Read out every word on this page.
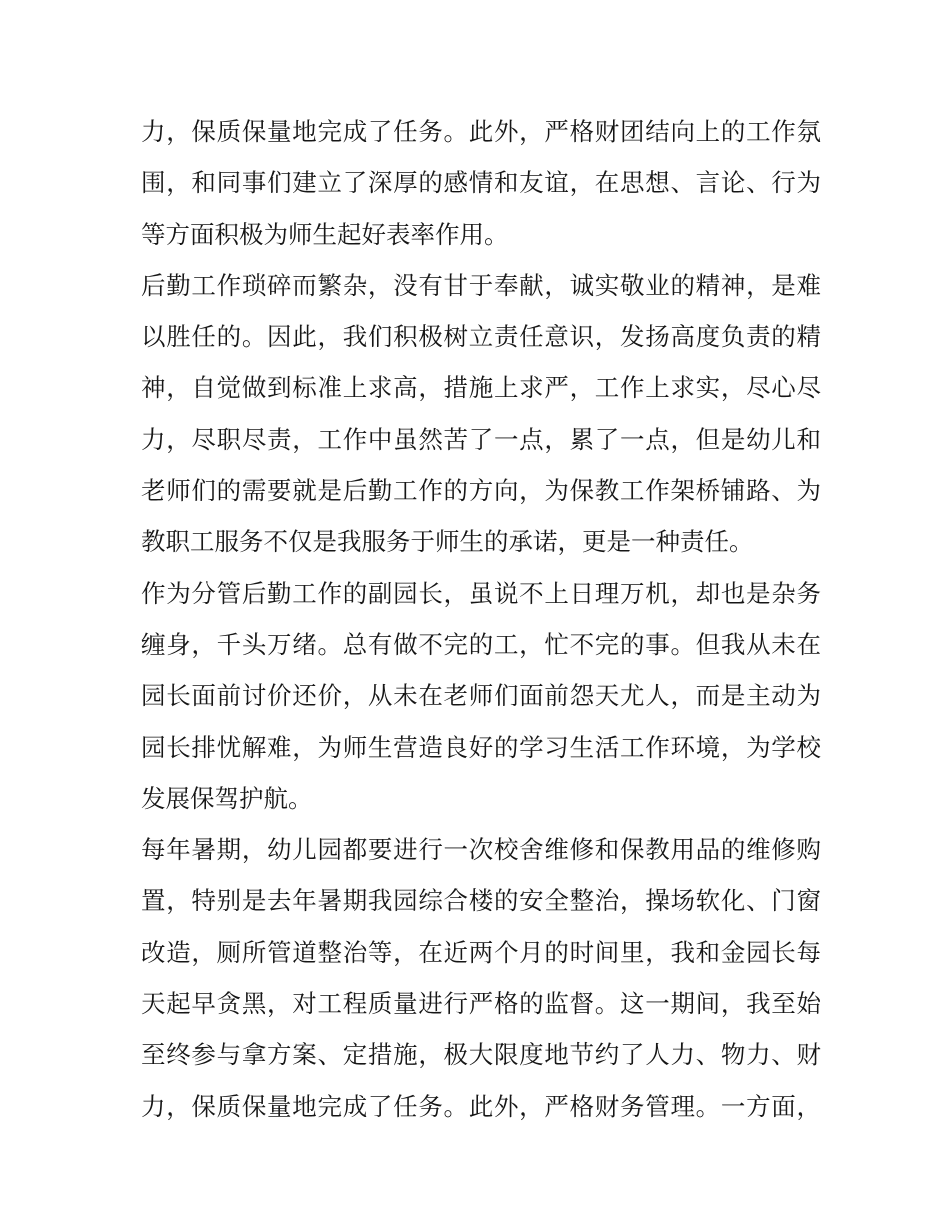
力，保质保量地完成了任务。此外，严格财团结向上的工作氛
围，和同事们建立了深厚的感情和友谊，在思想、言论、行为
等方面积极为师生起好表率作用。
后勤工作琐碎而繁杂，没有甘于奉献，诚实敬业的精神，是难
以胜任的。因此，我们积极树立责任意识，发扬高度负责的精
神，自觉做到标准上求高，措施上求严，工作上求实，尽心尽
力，尽职尽责，工作中虽然苦了一点，累了一点，但是幼儿和
老师们的需要就是后勤工作的方向，为保教工作架桥铺路、为
教职工服务不仅是我服务于师生的承诺，更是一种责任。
作为分管后勤工作的副园长，虽说不上日理万机，却也是杂务
缠身，千头万绪。总有做不完的工，忙不完的事。但我从未在
园长面前讨价还价，从未在老师们面前怨天尤人，而是主动为
园长排忧解难，为师生营造良好的学习生活工作环境，为学校
发展保驾护航。
每年暑期，幼儿园都要进行一次校舍维修和保教用品的维修购
置，特别是去年暑期我园综合楼的安全整治，操场软化、门窗
改造，厕所管道整治等，在近两个月的时间里，我和金园长每
天起早贪黑，对工程质量进行严格的监督。这一期间，我至始
至终参与拿方案、定措施，极大限度地节约了人力、物力、财
力，保质保量地完成了任务。此外，严格财务管理。一方面，
